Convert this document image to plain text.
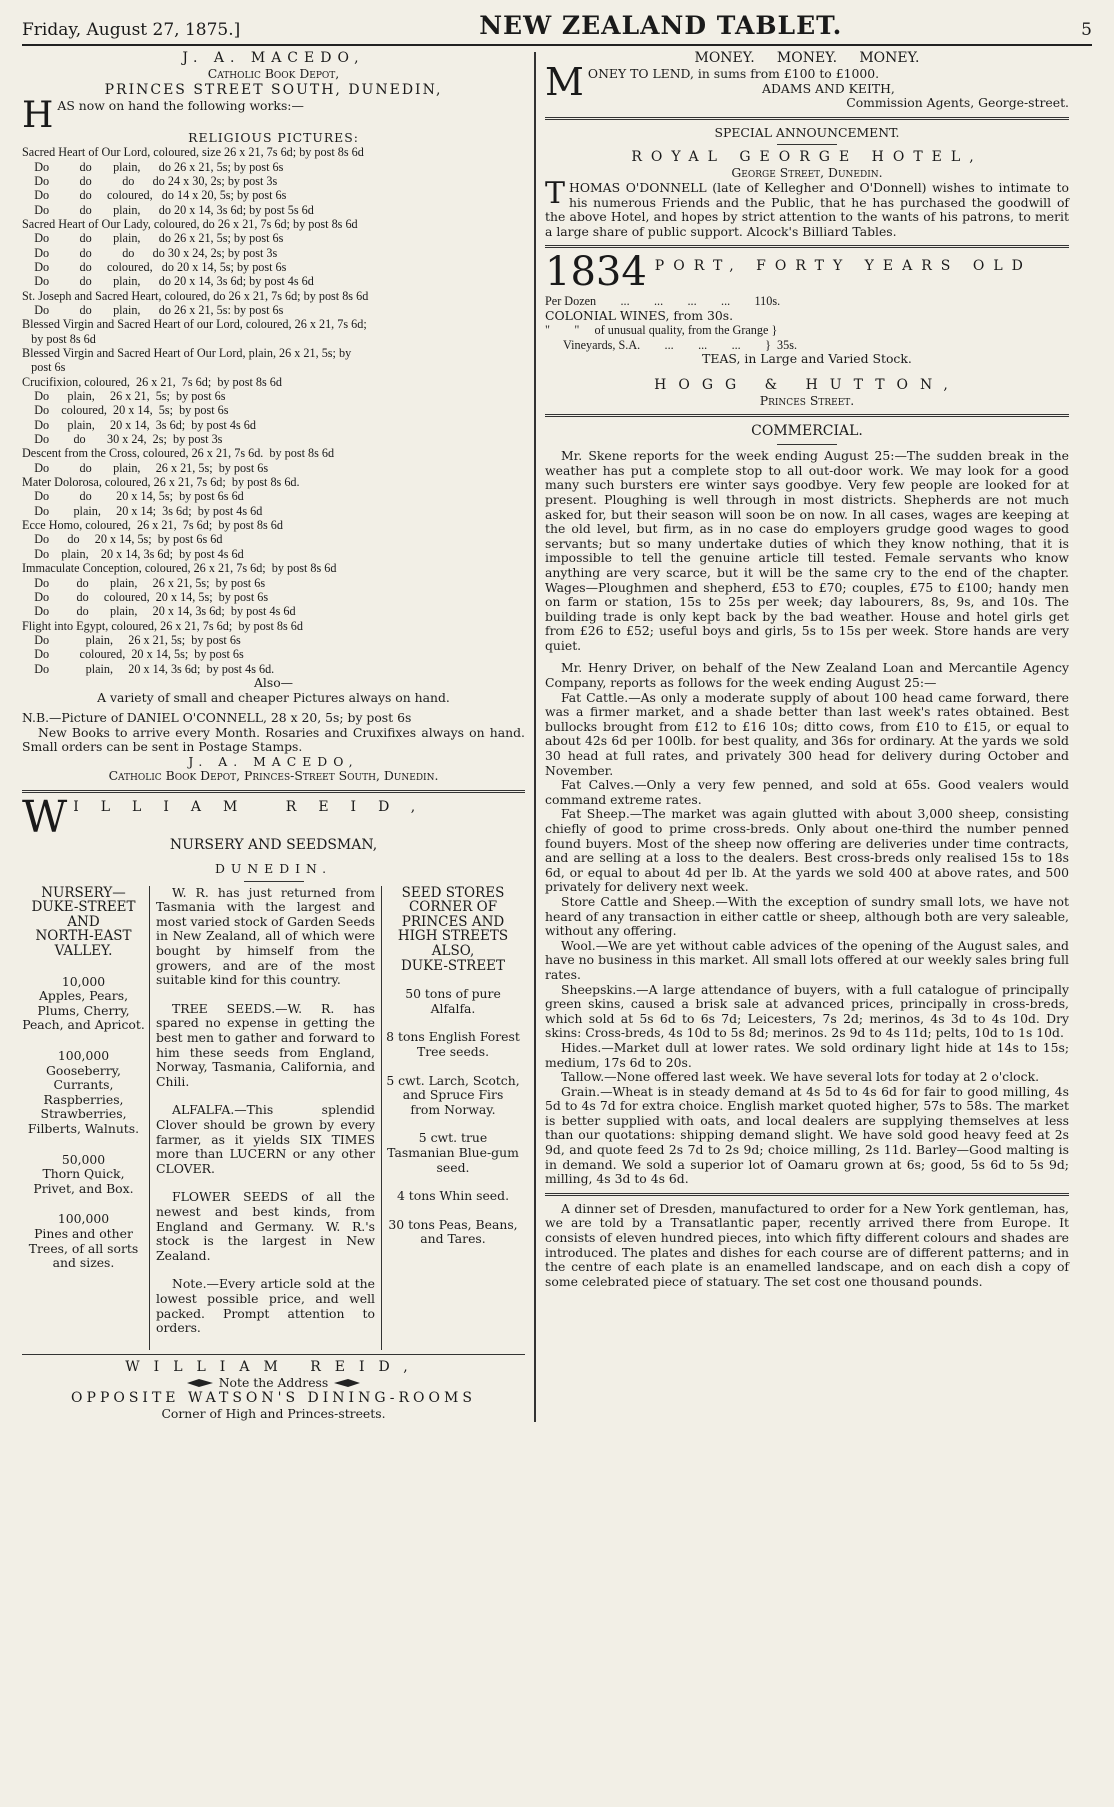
Friday, August 27, 1875.]	NEW ZEALAND TABLET.	5
J. A. MACEDO,
Catholic Book Depot,
PRINCES STREET SOUTH, DUNEDIN,
H AS now on hand the following works:—
RELIGIOUS PICTURES:
Sacred Heart of Our Lord, coloured, size 26 x 21, 7s 6d; by post 8s 6d
Do          do       plain,      do 26 x 21, 5s; by post 6s
Do          do          do      do 24 x 30, 2s; by post 3s
Do          do     coloured,   do 14 x 20, 5s; by post 6s
Do          do       plain,      do 20 x 14, 3s 6d; by post 5s 6d
Sacred Heart of Our Lady, coloured, do 26 x 21, 7s 6d; by post 8s 6d
Do          do       plain,      do 26 x 21, 5s; by post 6s
Do          do          do      do 30 x 24, 2s; by post 3s
Do          do     coloured,   do 20 x 14, 5s; by post 6s
Do          do       plain,      do 20 x 14, 3s 6d; by post 4s 6d
St. Joseph and Sacred Heart, coloured, do 26 x 21, 7s 6d; by post 8s 6d
Do          do       plain,      do 26 x 21, 5s: by post 6s
Blessed Virgin and Sacred Heart of our Lord, coloured, 26 x 21, 7s 6d;
by post 8s 6d
Blessed Virgin and Sacred Heart of Our Lord, plain, 26 x 21, 5s; by
post 6s
Crucifixion, coloured,  26 x 21,  7s 6d;  by post 8s 6d
Do      plain,     26 x 21,  5s;  by post 6s
Do    coloured,  20 x 14,  5s;  by post 6s
Do      plain,     20 x 14,  3s 6d;  by post 4s 6d
Do        do       30 x 24,  2s;  by post 3s
Descent from the Cross, coloured, 26 x 21, 7s 6d.  by post 8s 6d
Do          do       plain,     26 x 21, 5s;  by post 6s
Mater Dolorosa, coloured, 26 x 21, 7s 6d;  by post 8s 6d.
Do          do        20 x 14, 5s;  by post 6s 6d
Do        plain,     20 x 14;  3s 6d;  by post 4s 6d
Ecce Homo, coloured,  26 x 21,  7s 6d;  by post 8s 6d
Do      do     20 x 14, 5s;  by post 6s 6d
Do    plain,    20 x 14, 3s 6d;  by post 4s 6d
Immaculate Conception, coloured, 26 x 21, 7s 6d;  by post 8s 6d
Do         do       plain,     26 x 21, 5s;  by post 6s
Do         do     coloured,  20 x 14, 5s;  by post 6s
Do         do       plain,     20 x 14, 3s 6d;  by post 4s 6d
Flight into Egypt, coloured, 26 x 21, 7s 6d;  by post 8s 6d
Do            plain,     26 x 21, 5s;  by post 6s
Do          coloured,  20 x 14, 5s;  by post 6s
Do            plain,     20 x 14, 3s 6d;  by post 4s 6d.
Also—
A variety of small and cheaper Pictures always on hand.
N.B.—Picture of DANIEL O'CONNELL, 28 x 20, 5s; by post 6s

New Books to arrive every Month. Rosaries and Cruxifixes always on hand. Small orders can be sent in Postage Stamps.

J. A. MACEDO,
Catholic Book Depot, Princes-Street South, Dunedin.
W ILLIAM REID,
NURSERY AND SEEDSMAN,
DUNEDIN.
NURSERY—
DUKE-STREET
AND
NORTH-EAST
VALLEY.
10,000
Apples, Pears, Plums, Cherry, Peach, and Apricot.
100,000
Gooseberry, Currants, Raspberries, Strawberries, Filberts, Walnuts.
50,000
Thorn Quick, Privet, and Box.
100,000
Pines and other Trees, of all sorts and sizes.

W. R. has just returned from Tasmania with the largest and most varied stock of Garden Seeds in New Zealand, all of which were bought by himself from the growers, and are of the most suitable kind for this country.

TREE SEEDS.—W. R. has spared no expense in getting the best men to gather and forward to him these seeds from England, Norway, Tasmania, California, and Chili.

ALFALFA.—This splendid Clover should be grown by every farmer, as it yields SIX TIMES more than LUCERN or any other CLOVER.

FLOWER SEEDS of all the newest and best kinds, from England and Germany. W. R.'s stock is the largest in New Zealand.

Note.—Every article sold at the lowest possible price, and well packed. Prompt attention to orders.

SEED STORES
CORNER OF
PRINCES AND
HIGH STREETS
ALSO,
DUKE-STREET
50 tons of pure Alfalfa.
8 tons English Forest Tree seeds.
5 cwt. Larch, Scotch, and Spruce Firs from Norway.
5 cwt. true Tasmanian Blue-gum seed.
4 tons Whin seed.
30 tons Peas, Beans, and Tares.
WILLIAM REID,
Note the Address
OPPOSITE WATSON'S DINING-ROOMS
Corner of High and Princes-streets.
MONEY.     MONEY.     MONEY.
M ONEY TO LEND, in sums from £100 to £1000.
ADAMS AND KEITH,
Commission Agents, George-street.
SPECIAL ANNOUNCEMENT.
ROYAL GEORGE HOTEL,
George Street, Dunedin.
T HOMAS O'DONNELL (late of Kellegher and O'Donnell) wishes to intimate to his numerous Friends and the Public, that he has purchased the goodwill of the above Hotel, and hopes by strict attention to the wants of his patrons, to merit a large share of public support. Alcock's Billiard Tables.
1834 PORT, FORTY YEARS OLD
Per Dozen        ...        ...        ...        ...        110s.
COLONIAL WINES, from 30s.
"        "     of unusual quality, from the Grange }
Vineyards, S.A.        ...        ...        ...        }  35s.
TEAS, in Large and Varied Stock.
HOGG & HUTTON,
Princes Street.
COMMERCIAL.

Mr. Skene reports for the week ending August 25:—The sudden break in the weather has put a complete stop to all out-door work. We may look for a good many such bursters ere winter says goodbye. Very few people are looked for at present. Ploughing is well through in most districts. Shepherds are not much asked for, but their season will soon be on now. In all cases, wages are keeping at the old level, but firm, as in no case do employers grudge good wages to good servants; but so many undertake duties of which they know nothing, that it is impossible to tell the genuine article till tested. Female servants who know anything are very scarce, but it will be the same cry to the end of the chapter. Wages—Ploughmen and shepherd, £53 to £70; couples, £75 to £100; handy men on farm or station, 15s to 25s per week; day labourers, 8s, 9s, and 10s. The building trade is only kept back by the bad weather. House and hotel girls get from £26 to £52; useful boys and girls, 5s to 15s per week. Store hands are very quiet.

Mr. Henry Driver, on behalf of the New Zealand Loan and Mercantile Agency Company, reports as follows for the week ending August 25:—

Fat Cattle.—As only a moderate supply of about 100 head came forward, there was a firmer market, and a shade better than last week's rates obtained. Best bullocks brought from £12 to £16 10s; ditto cows, from £10 to £15, or equal to about 42s 6d per 100lb. for best quality, and 36s for ordinary. At the yards we sold 30 head at full rates, and privately 300 head for delivery during October and November.

Fat Calves.—Only a very few penned, and sold at 65s. Good vealers would command extreme rates.

Fat Sheep.—The market was again glutted with about 3,000 sheep, consisting chiefly of good to prime cross-breds. Only about one-third the number penned found buyers. Most of the sheep now offering are deliveries under time contracts, and are selling at a loss to the dealers. Best cross-breds only realised 15s to 18s 6d, or equal to about 4d per lb. At the yards we sold 400 at above rates, and 500 privately for delivery next week.

Store Cattle and Sheep.—With the exception of sundry small lots, we have not heard of any transaction in either cattle or sheep, although both are very saleable, without any offering.

Wool.—We are yet without cable advices of the opening of the August sales, and have no business in this market. All small lots offered at our weekly sales bring full rates.

Sheepskins.—A large attendance of buyers, with a full catalogue of principally green skins, caused a brisk sale at advanced prices, principally in cross-breds, which sold at 5s 6d to 6s 7d; Leicesters, 7s 2d; merinos, 4s 3d to 4s 10d. Dry skins: Cross-breds, 4s 10d to 5s 8d; merinos. 2s 9d to 4s 11d; pelts, 10d to 1s 10d.

Hides.—Market dull at lower rates. We sold ordinary light hide at 14s to 15s; medium, 17s 6d to 20s.

Tallow.—None offered last week. We have several lots for today at 2 o'clock.

Grain.—Wheat is in steady demand at 4s 5d to 4s 6d for fair to good milling, 4s 5d to 4s 7d for extra choice. English market quoted higher, 57s to 58s. The market is better supplied with oats, and local dealers are supplying themselves at less than our quotations: shipping demand slight. We have sold good heavy feed at 2s 9d, and quote feed 2s 7d to 2s 9d; choice milling, 2s 11d. Barley—Good malting is in demand. We sold a superior lot of Oamaru grown at 6s; good, 5s 6d to 5s 9d; milling, 4s 3d to 4s 6d.

A dinner set of Dresden, manufactured to order for a New York gentleman, has, we are told by a Transatlantic paper, recently arrived there from Europe. It consists of eleven hundred pieces, into which fifty different colours and shades are introduced. The plates and dishes for each course are of different patterns; and in the centre of each plate is an enamelled landscape, and on each dish a copy of some celebrated piece of statuary. The set cost one thousand pounds.
